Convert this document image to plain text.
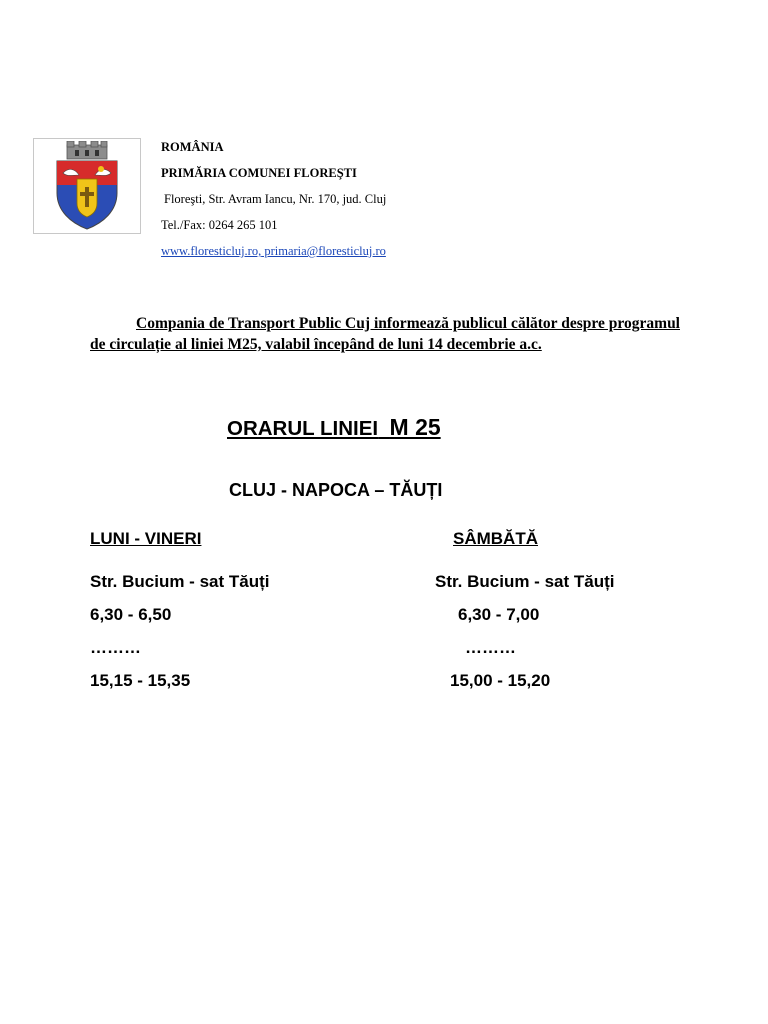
ROMÂNIA
PRIMĂRIA COMUNEI FLOREŞTI
Floreşti, Str. Avram Iancu, Nr. 170, jud. Cluj
Tel./Fax: 0264 265 101
www.floresticluj.ro, primaria@floresticluj.ro
Compania de Transport Public Cuj informează publicul călător despre programul de circulație al liniei M25, valabil începând de luni 14 decembrie a.c.
ORARUL LINIEI M 25
CLUJ - NAPOCA – TĂUȚI
LUNI - VINERI
Str. Bucium - sat Tăuți
6,30 - 6,50
………
15,15 - 15,35
SÂMBĂTĂ
Str. Bucium - sat Tăuți
6,30 - 7,00
………
15,00 - 15,20
